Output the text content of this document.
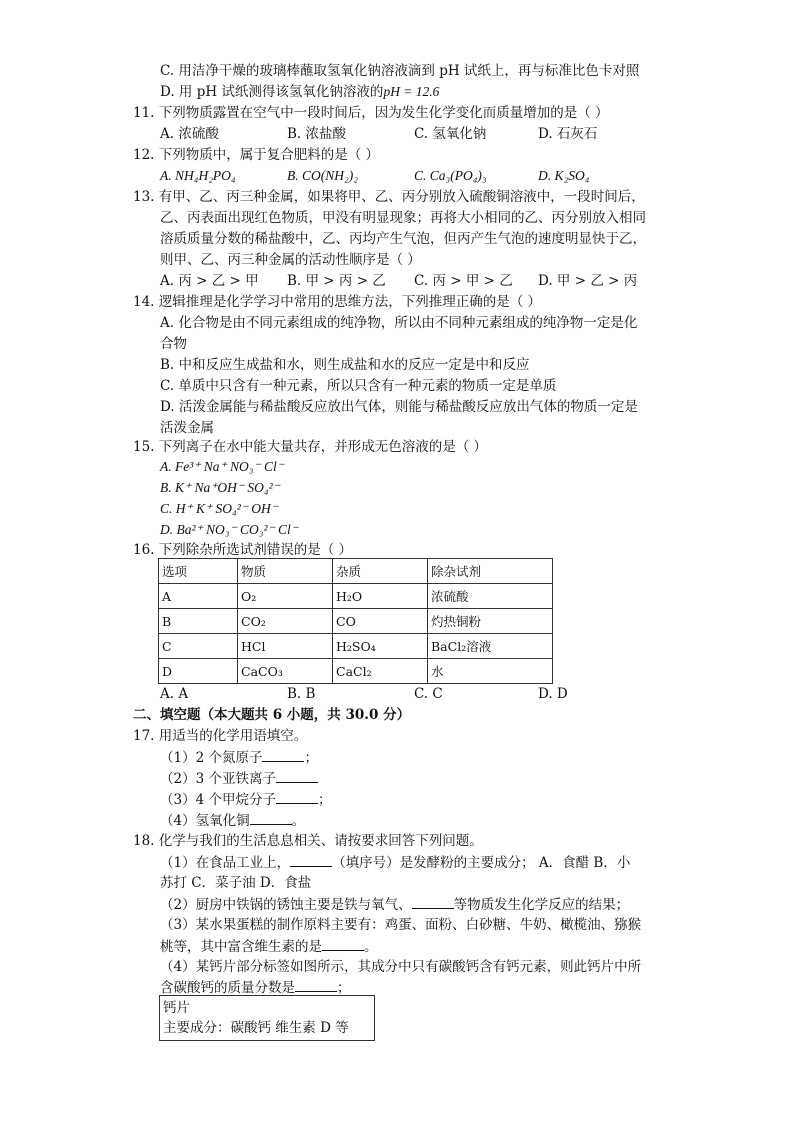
C. 用洁净干燥的玻璃棒蘸取氢氧化钠溶液滴到 pH 试纸上，再与标准比色卡对照
D. 用 pH 试纸测得该氢氧化钠溶液的pH = 12.6
11. 下列物质露置在空气中一段时间后，因为发生化学变化而质量增加的是（ ）
A. 浓硫酸	B. 浓盐酸	C. 氢氧化钠	D. 石灰石
12. 下列物质中，属于复合肥料的是（ ）
A. NH₄H₂PO₄	B. CO(NH₂)₂	C. Ca₃(PO₄)₃	D. K₂SO₄
13. 有甲、乙、丙三种金属，如果将甲、乙、丙分别放入硫酸铜溶液中，一段时间后，
乙、丙表面出现红色物质，甲没有明显现象；再将大小相同的乙、丙分别放入相同
溶质质量分数的稀盐酸中，乙、丙均产生气泡，但丙产生气泡的速度明显快于乙，
则甲、乙、丙三种金属的活动性顺序是（ ）
A. 丙 > 乙 > 甲 B. 甲 > 丙 > 乙 C. 丙 > 甲 > 乙 D. 甲 > 乙 > 丙
14. 逻辑推理是化学学习中常用的思维方法，下列推理正确的是（ ）
A. 化合物是由不同元素组成的纯净物，所以由不同种元素组成的纯净物一定是化
合物
B. 中和反应生成盐和水，则生成盐和水的反应一定是中和反应
C. 单质中只含有一种元素，所以只含有一种元素的物质一定是单质
D. 活泼金属能与稀盐酸反应放出气体，则能与稀盐酸反应放出气体的物质一定是
活泼金属
15. 下列离子在水中能大量共存，并形成无色溶液的是（ ）
A. Fe³⁺ Na⁺ NO₃⁻ Cl⁻
B. K⁺ Na⁺OH⁻ SO₄²⁻
C. H⁺ K⁺ SO₄²⁻ OH⁻
D. Ba²⁺ NO₃⁻ CO₃²⁻ Cl⁻
16. 下列除杂所选试剂错误的是（ ）
选项	物质	杂质	除杂试剂
A	O₂	H₂O	浓硫酸
B	CO₂	CO	灼热铜粉
C	HCl	H₂SO₄	BaCl₂溶液
D	CaCO₃	CaCl₂	水
A. A	B. B	C. C	D. D
二、填空题（本大题共 6 小题，共 30.0 分）
17. 用适当的化学用语填空。
（1）2 个氮原子	；
（2）3 个亚铁离子
（3）4 个甲烷分子	；
（4）氢氧化铜	。
18. 化学与我们的生活息息相关、请按要求回答下列问题。
（1）在食品工业上，	（填序号）是发酵粉的主要成分； A．食醋 B．小
苏打 C．菜子油 D．食盐
（2）厨房中铁锅的锈蚀主要是铁与氧气、	等物质发生化学反应的结果；
（3）某水果蛋糕的制作原料主要有：鸡蛋、面粉、白砂糖、牛奶、橄榄油、猕猴
桃等，其中富含维生素的是	。
（4）某钙片部分标签如图所示，其成分中只有碳酸钙含有钙元素，则此钙片中所
含碳酸钙的质量分数是	；
钙片
主要成分：碳酸钙 维生素 D 等
